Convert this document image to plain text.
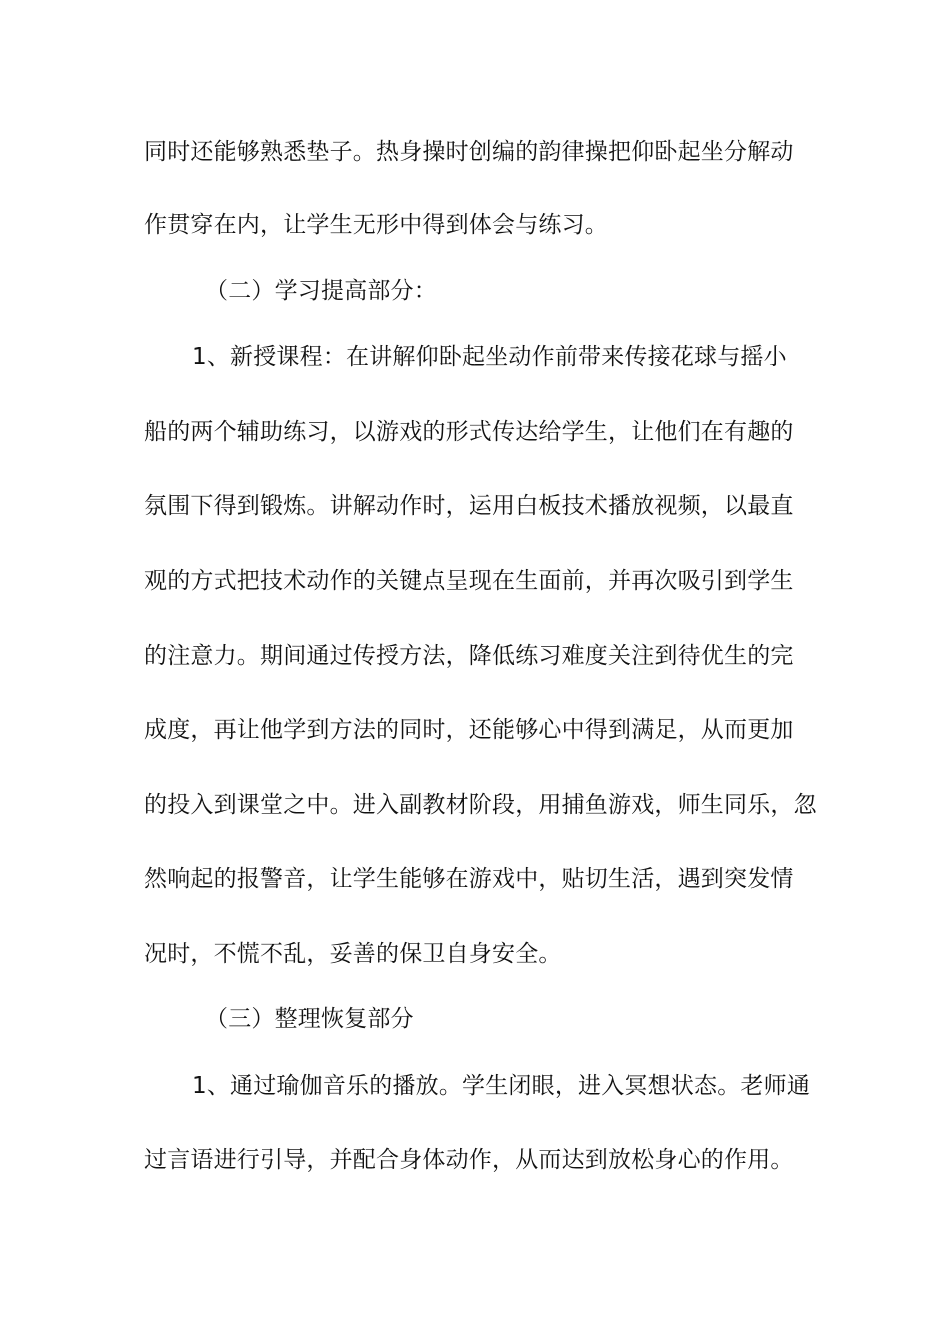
同时还能够熟悉垫子。热身操时创编的韵律操把仰卧起坐分解动
作贯穿在内，让学生无形中得到体会与练习。
（二）学习提高部分：
1、新授课程：在讲解仰卧起坐动作前带来传接花球与摇小
船的两个辅助练习，以游戏的形式传达给学生，让他们在有趣的
氛围下得到锻炼。讲解动作时，运用白板技术播放视频，以最直
观的方式把技术动作的关键点呈现在生面前，并再次吸引到学生
的注意力。期间通过传授方法，降低练习难度关注到待优生的完
成度，再让他学到方法的同时，还能够心中得到满足，从而更加
的投入到课堂之中。进入副教材阶段，用捕鱼游戏，师生同乐，忽
然响起的报警音，让学生能够在游戏中，贴切生活，遇到突发情
况时，不慌不乱，妥善的保卫自身安全。
（三）整理恢复部分
1、通过瑜伽音乐的播放。学生闭眼，进入冥想状态。老师通
过言语进行引导，并配合身体动作，从而达到放松身心的作用。
